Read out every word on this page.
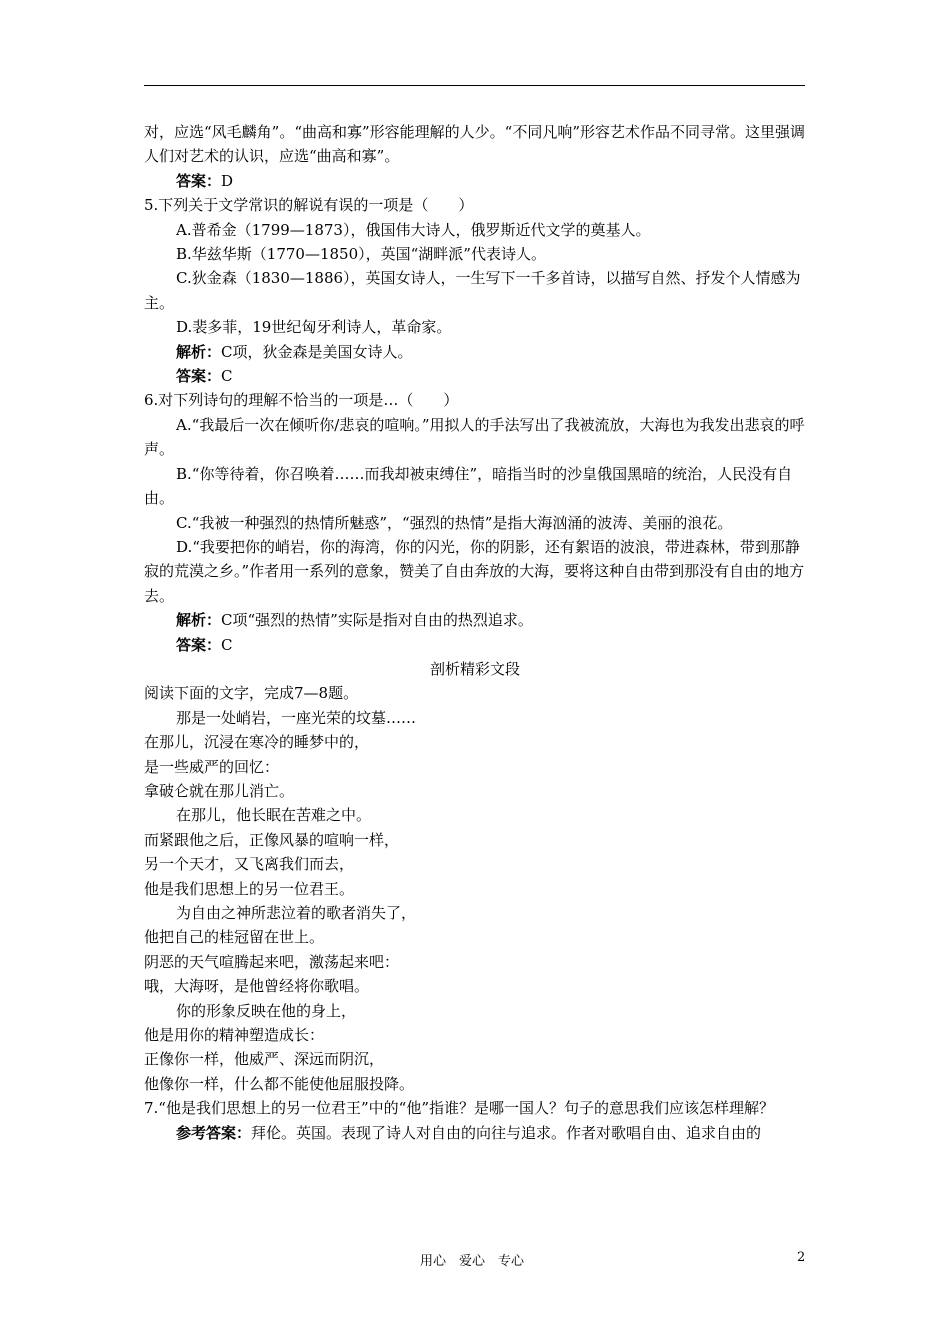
对，应选“风毛麟角”。“曲高和寡”形容能理解的人少。“不同凡响”形容艺术作品不同寻常。这里强调人们对艺术的认识，应选“曲高和寡”。

答案：D

5.下列关于文学常识的解说有误的一项是（　　）

A.普希金（1799—1873），俄国伟大诗人，俄罗斯近代文学的奠基人。

B.华兹华斯（1770—1850），英国“湖畔派”代表诗人。

C.狄金森（1830—1886），英国女诗人，一生写下一千多首诗，以描写自然、抒发个人情感为主。

D.裴多菲，19世纪匈牙利诗人，革命家。

解析：C项，狄金森是美国女诗人。

答案：C

6.对下列诗句的理解不恰当的一项是…（　　）

A.“我最后一次在倾听你/悲哀的喧响。”用拟人的手法写出了我被流放，大海也为我发出悲哀的呼声。

B.“你等待着，你召唤着……而我却被束缚住”，暗指当时的沙皇俄国黑暗的统治，人民没有自由。

C.“我被一种强烈的热情所魅惑”，“强烈的热情”是指大海汹涌的波涛、美丽的浪花。

D.“我要把你的峭岩，你的海湾，你的闪光，你的阴影，还有絮语的波浪，带进森林，带到那静寂的荒漠之乡。”作者用一系列的意象，赞美了自由奔放的大海，要将这种自由带到那没有自由的地方去。

解析：C项“强烈的热情”实际是指对自由的热烈追求。

答案：C

剖析精彩文段

阅读下面的文字，完成7—8题。

那是一处峭岩，一座光荣的坟墓……

在那儿，沉浸在寒冷的睡梦中的，

是一些威严的回忆：

拿破仑就在那儿消亡。

在那儿，他长眠在苦难之中。

而紧跟他之后，正像风暴的喧响一样，

另一个天才，又飞离我们而去，

他是我们思想上的另一位君王。

为自由之神所悲泣着的歌者消失了，

他把自己的桂冠留在世上。

阴恶的天气喧腾起来吧，激荡起来吧：

哦，大海呀，是他曾经将你歌唱。

你的形象反映在他的身上，

他是用你的精神塑造成长：

正像你一样，他威严、深远而阴沉，

他像你一样，什么都不能使他屈服投降。

7.“他是我们思想上的另一位君王”中的“他”指谁？是哪一国人？句子的意思我们应该怎样理解？

参考答案：拜伦。英国。表现了诗人对自由的向往与追求。作者对歌唱自由、追求自由的

用心　爱心　专心	2
